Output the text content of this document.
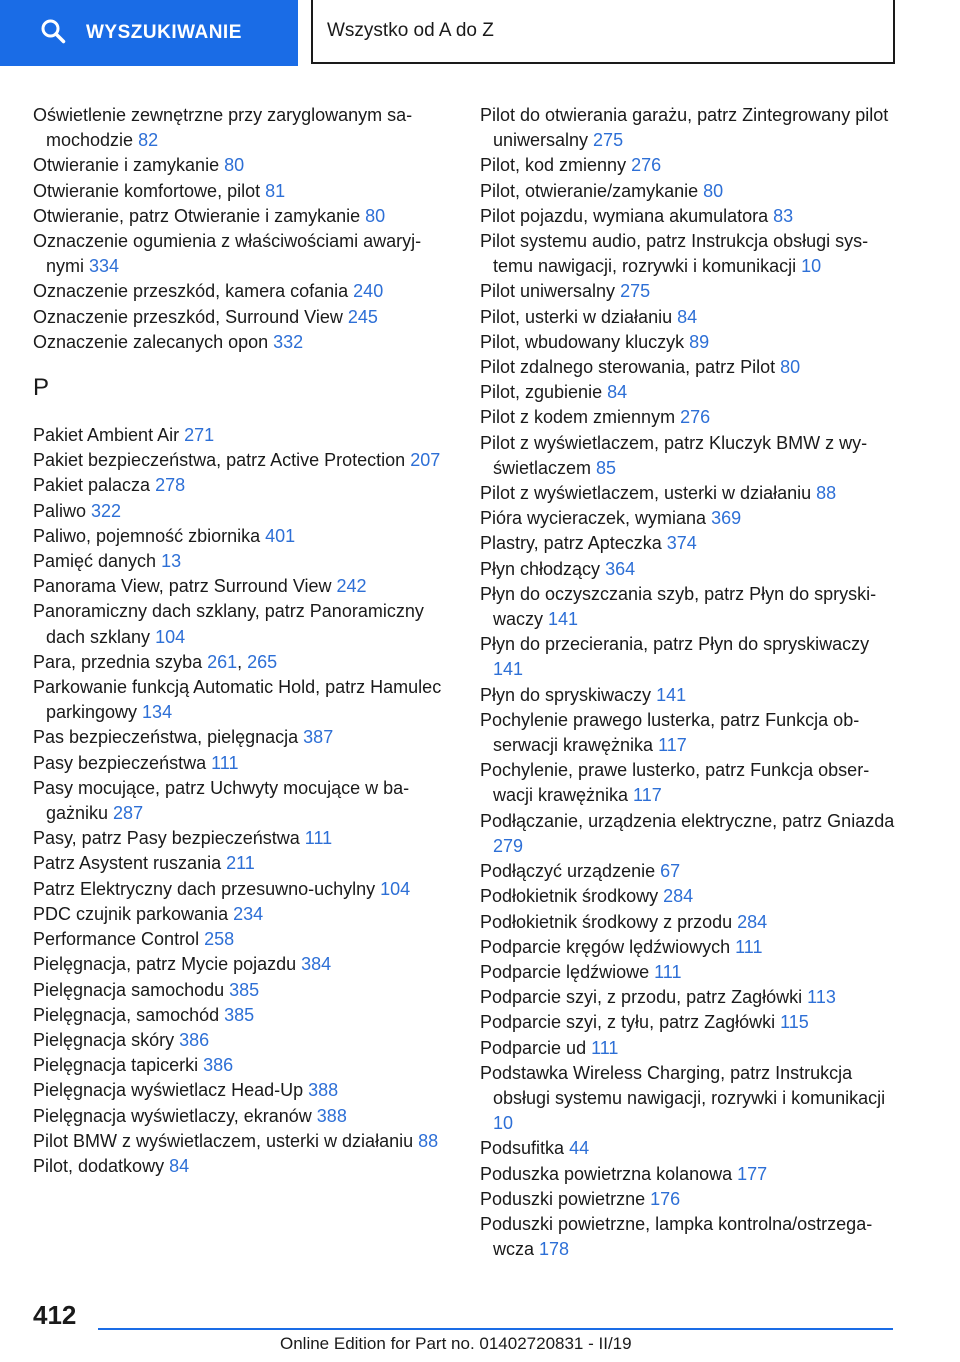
WYSZUKIWANIE	Wszystko od A do Z

Oświetlenie zewnętrzne przy zaryglowanym samochodzie 82

Otwieranie i zamykanie 80

Otwieranie komfortowe, pilot 81

Otwieranie, patrz Otwieranie i zamykanie 80

Oznaczenie ogumienia z właściwościami awaryjnymi 334

Oznaczenie przeszkód, kamera cofania 240

Oznaczenie przeszkód, Surround View 245

Oznaczenie zalecanych opon 332

P

Pakiet Ambient Air 271

Pakiet bezpieczeństwa, patrz Active Protection 207

Pakiet palacza 278

Paliwo 322

Paliwo, pojemność zbiornika 401

Pamięć danych 13

Panorama View, patrz Surround View 242

Panoramiczny dach szklany, patrz Panoramiczny dach szklany 104

Para, przednia szyba 261, 265

Parkowanie funkcją Automatic Hold, patrz Hamulec parkingowy 134

Pas bezpieczeństwa, pielęgnacja 387

Pasy bezpieczeństwa 111

Pasy mocujące, patrz Uchwyty mocujące w bagażniku 287

Pasy, patrz Pasy bezpieczeństwa 111

Patrz Asystent ruszania 211

Patrz Elektryczny dach przesuwno-uchylny 104

PDC czujnik parkowania 234

Performance Control 258

Pielęgnacja, patrz Mycie pojazdu 384

Pielęgnacja samochodu 385

Pielęgnacja, samochód 385

Pielęgnacja skóry 386

Pielęgnacja tapicerki 386

Pielęgnacja wyświetlacz Head-Up 388

Pielęgnacja wyświetlaczy, ekranów 388

Pilot BMW z wyświetlaczem, usterki w działaniu 88

Pilot, dodatkowy 84

Pilot do otwierania garażu, patrz Zintegrowany pilot uniwersalny 275

Pilot, kod zmienny 276

Pilot, otwieranie/zamykanie 80

Pilot pojazdu, wymiana akumulatora 83

Pilot systemu audio, patrz Instrukcja obsługi systemu nawigacji, rozrywki i komunikacji 10

Pilot uniwersalny 275

Pilot, usterki w działaniu 84

Pilot, wbudowany kluczyk 89

Pilot zdalnego sterowania, patrz Pilot 80

Pilot, zgubienie 84

Pilot z kodem zmiennym 276

Pilot z wyświetlaczem, patrz Kluczyk BMW z wyświetlaczem 85

Pilot z wyświetlaczem, usterki w działaniu 88

Pióra wycieraczek, wymiana 369

Plastry, patrz Apteczka 374

Płyn chłodzący 364

Płyn do oczyszczania szyb, patrz Płyn do spryskiwaczy 141

Płyn do przecierania, patrz Płyn do spryskiwaczy 141

Płyn do spryskiwaczy 141

Pochylenie prawego lusterka, patrz Funkcja obserwacji krawężnika 117

Pochylenie, prawe lusterko, patrz Funkcja obserwacji krawężnika 117

Podłączanie, urządzenia elektryczne, patrz Gniazda 279

Podłączyć urządzenie 67

Podłokietnik środkowy 284

Podłokietnik środkowy z przodu 284

Podparcie kręgów lędźwiowych 111

Podparcie lędźwiowe 111

Podparcie szyi, z przodu, patrz Zagłówki 113

Podparcie szyi, z tyłu, patrz Zagłówki 115

Podparcie ud 111

Podstawka Wireless Charging, patrz Instrukcja obsługi systemu nawigacji, rozrywki i komunikacji 10

Podsufitka 44

Poduszka powietrzna kolanowa 177

Poduszki powietrzne 176

Poduszki powietrzne, lampka kontrolna/ostrzegawcza 178

412
Online Edition for Part no. 01402720831 - II/19
